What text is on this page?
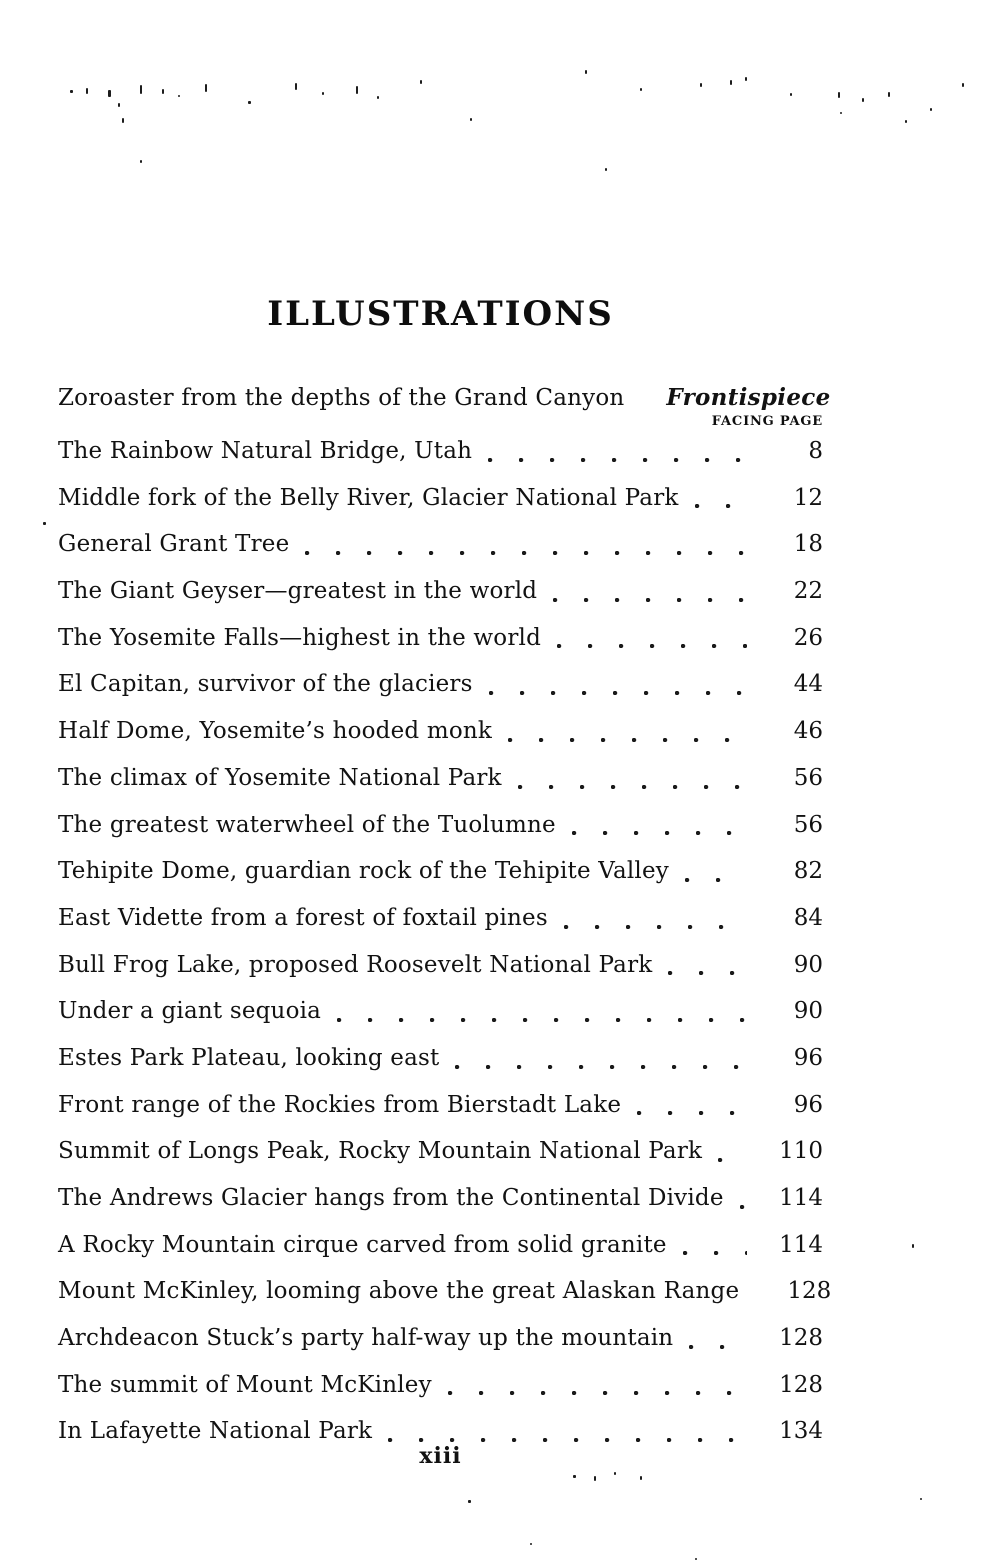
ILLUSTRATIONS
FACING PAGE
Zoroaster from the depths of the Grand Canyon Frontispiece
The Rainbow Natural Bridge, Utah	8
Middle fork of the Belly River, Glacier National Park	12
General Grant Tree	18
The Giant Geyser—greatest in the world	22
The Yosemite Falls—highest in the world	26
El Capitan, survivor of the glaciers	44
Half Dome, Yosemite’s hooded monk	46
The climax of Yosemite National Park	56
The greatest waterwheel of the Tuolumne	56
Tehipite Dome, guardian rock of the Tehipite Valley	82
East Vidette from a forest of foxtail pines	84
Bull Frog Lake, proposed Roosevelt National Park	90
Under a giant sequoia	90
Estes Park Plateau, looking east	96
Front range of the Rockies from Bierstadt Lake	96
Summit of Longs Peak, Rocky Mountain National Park	110
The Andrews Glacier hangs from the Continental Divide 114
A Rocky Mountain cirque carved from solid granite	114
Mount McKinley, looming above the great Alaskan Range 128
Archdeacon Stuck’s party half-way up the mountain	128
The summit of Mount McKinley	128
In Lafayette National Park	134
xiii
